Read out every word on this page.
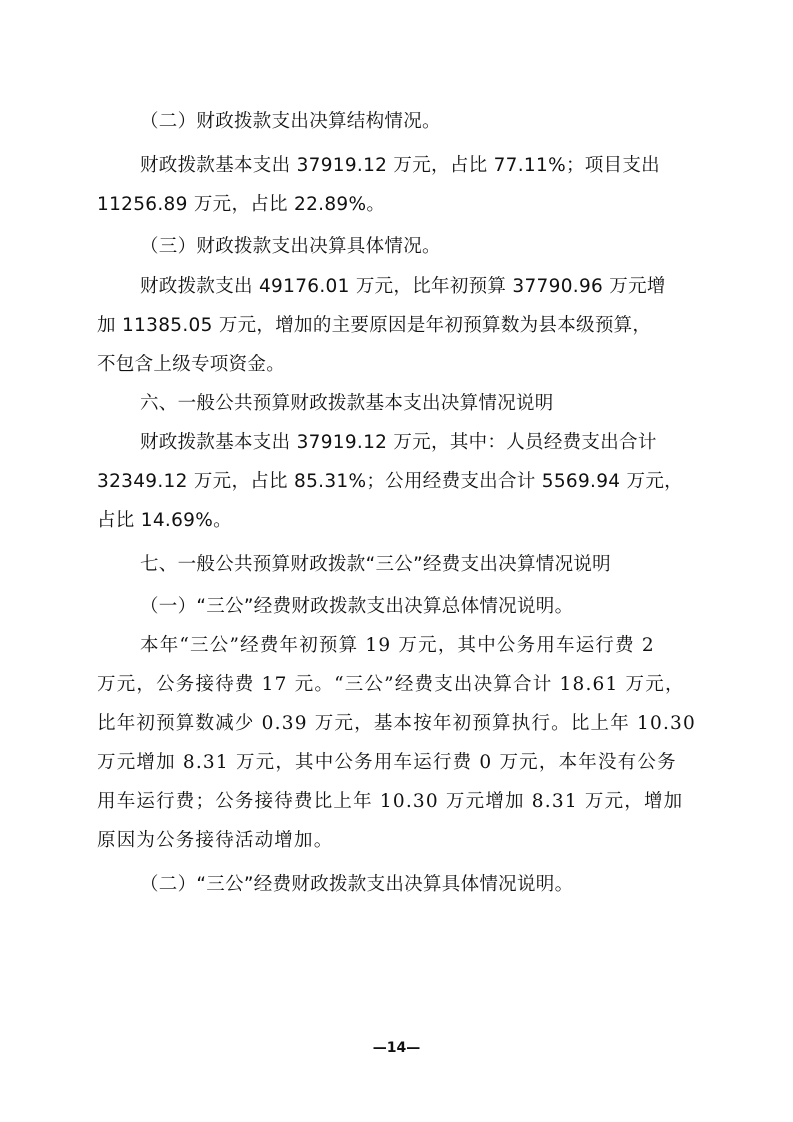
（二）财政拨款支出决算结构情况。
财政拨款基本支出 37919.12 万元，占比 77.11%；项目支出
11256.89 万元，占比 22.89%。
（三）财政拨款支出决算具体情况。
财政拨款支出 49176.01 万元，比年初预算 37790.96 万元增
加 11385.05 万元，增加的主要原因是年初预算数为县本级预算，
不包含上级专项资金。
六、一般公共预算财政拨款基本支出决算情况说明
财政拨款基本支出 37919.12 万元，其中：人员经费支出合计
32349.12 万元，占比 85.31%；公用经费支出合计 5569.94 万元，
占比 14.69%。
七、一般公共预算财政拨款“三公”经费支出决算情况说明
（一）“三公”经费财政拨款支出决算总体情况说明。
本年“三公”经费年初预算 19 万元，其中公务用车运行费 2
万元，公务接待费 17 元。“三公”经费支出决算合计 18.61 万元，
比年初预算数减少 0.39 万元，基本按年初预算执行。比上年 10.30
万元增加 8.31 万元，其中公务用车运行费 0 万元，本年没有公务
用车运行费；公务接待费比上年 10.30 万元增加 8.31 万元，增加
原因为公务接待活动增加。
（二）“三公”经费财政拨款支出决算具体情况说明。
—14—
